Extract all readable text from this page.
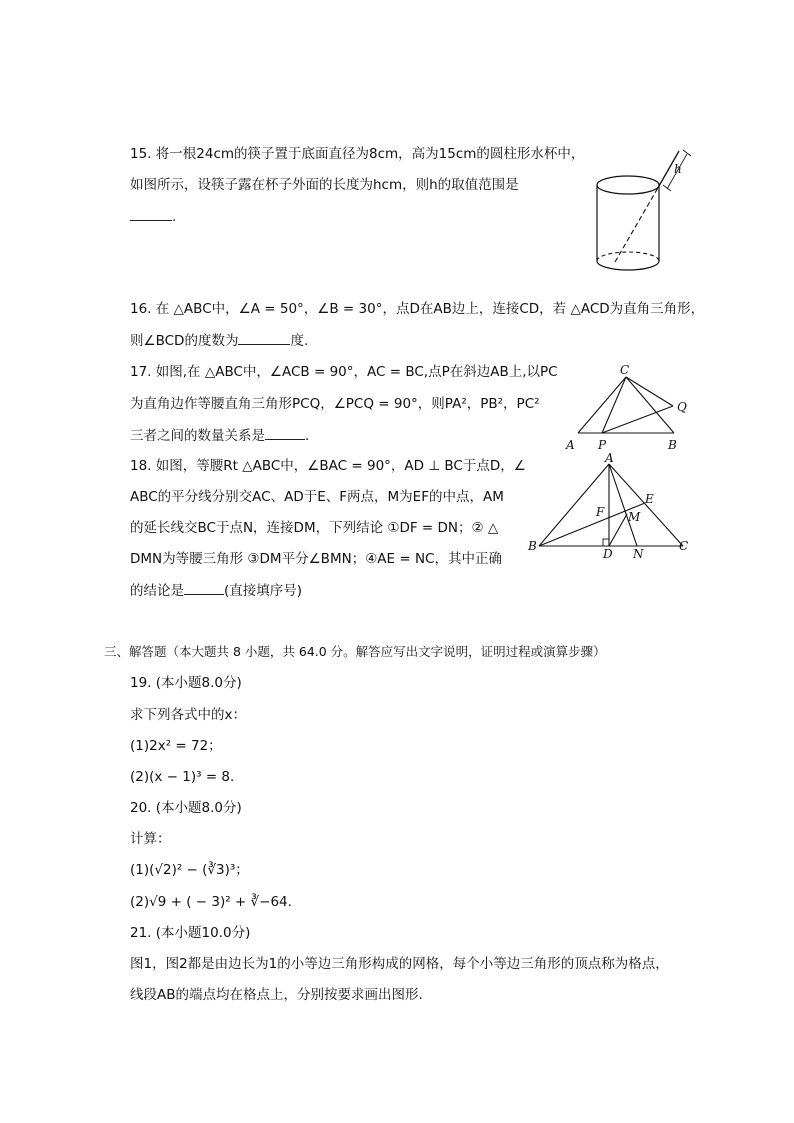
15. 将一根24cm的筷子置于底面直径为8cm，高为15cm的圆柱形水杯中，
如图所示，设筷子露在杯子外面的长度为hcm，则h的取值范围是
.
h
16. 在 △ABC中，∠A = 50°，∠B = 30°，点D在AB边上，连接CD，若 △ACD为直角三角形，
则∠BCD的度数为	度.
17. 如图,在 △ABC中，∠ACB = 90°，AC = BC,点P在斜边AB上,以PC
为直角边作等腰直角三角形PCQ，∠PCQ = 90°，则PA²，PB²，PC²
三者之间的数量关系是	.
C
Q
A P	B
18. 如图，等腰Rt △ABC中，∠BAC = 90°，AD ⊥ BC于点D，∠
ABC的平分线分别交AC、AD于E、F两点，M为EF的中点，AM
的延长线交BC于点N，连接DM，下列结论 ①DF = DN；② △
DMN为等腰三角形 ③DM平分∠BMN；④AE = NC，其中正确
的结论是	(直接填序号)
A
E
F M
B
D N
C
三、解答题（本大题共 8 小题，共 64.0 分。解答应写出文字说明，证明过程或演算步骤）
19. (本小题8.0分)
求下列各式中的x：
(1)2x² = 72；
(2)(x − 1)³ = 8.
20. (本小题8.0分)
计算：
(1)(√2)² − (∛3)³；
(2)√9 + ( − 3)² + ∛−64.
21. (本小题10.0分)
图1，图2都是由边长为1的小等边三角形构成的网格，每个小等边三角形的顶点称为格点，
线段AB的端点均在格点上，分别按要求画出图形.
